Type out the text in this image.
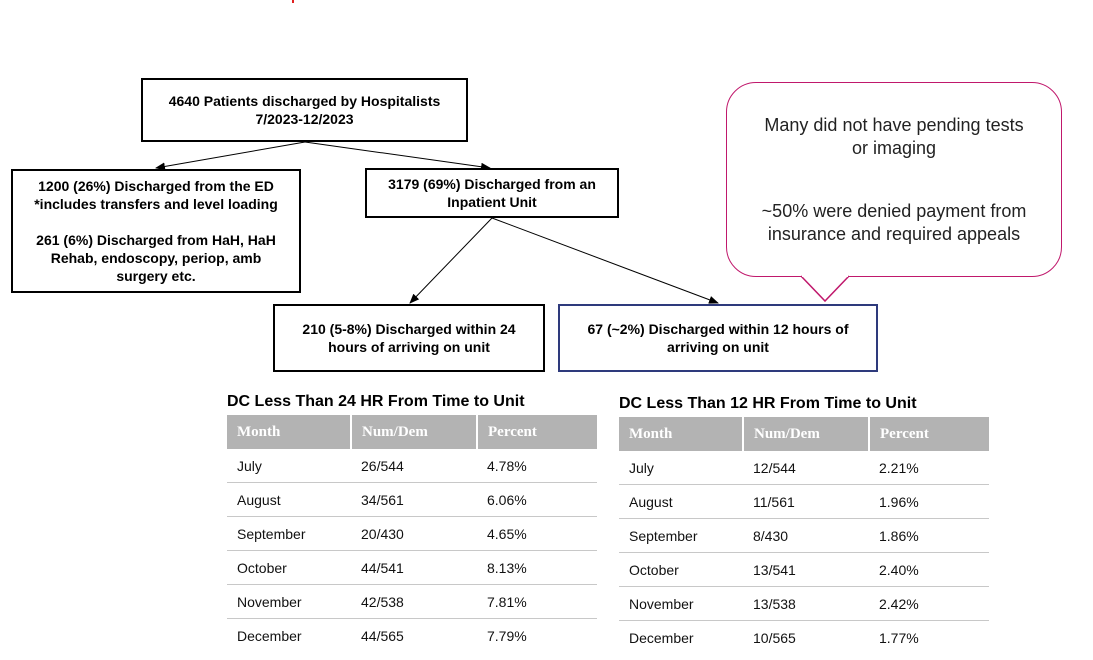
4640 Patients discharged by Hospitalists
7/2023-12/2023
1200 (26%) Discharged from the ED
*includes transfers and level loading
261 (6%) Discharged from HaH, HaH
Rehab, endoscopy, periop, amb
surgery etc.
3179 (69%) Discharged from an
Inpatient Unit
210 (5-8%) Discharged within 24
hours of arriving on unit
67 (~2%) Discharged within 12 hours of
arriving on unit
Many did not have pending tests
or imaging
~50% were denied payment from
insurance and required appeals
DC Less Than 24 HR From Time to Unit
Month	Num/Dem	Percent
July	26/544	4.78%
August	34/561	6.06%
September	20/430	4.65%
October	44/541	8.13%
November	42/538	7.81%
December	44/565	7.79%
DC Less Than 12 HR From Time to Unit
Month	Num/Dem	Percent
July	12/544	2.21%
August	11/561	1.96%
September	8/430	1.86%
October	13/541	2.40%
November	13/538	2.42%
December	10/565	1.77%
